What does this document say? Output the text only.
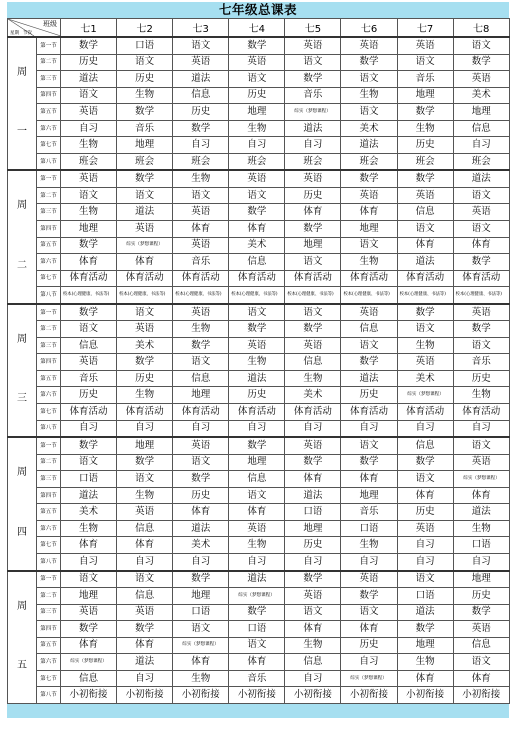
七年级总课表
班级
星期 节次		七1	七2	七3	七4	七5	七6	七7	七8

周
一	第一节	数学	口语	语文	数学	英语	英语	英语	语文
	第二节	历史	语文	英语	英语	语文	数学	语文	数学
	第三节	道法	历史	道法	语文	数学	语文	音乐	英语
	第四节	语文	生物	信息	历史	音乐	生物	地理	美术
	第五节	英语	数学	历史	地理	综实（梦想课程）	语文	数学	地理
	第六节	自习	音乐	数学	生物	道法	美术	生物	信息
	第七节	生物	地理	自习	自习	自习	道法	历史	自习
	第八节	班会	班会	班会	班会	班会	班会	班会	班会

周
二	第一节	英语	数学	生物	英语	英语	数学	数学	道法
	第二节	语文	语文	语文	语文	历史	英语	英语	语文
	第三节	生物	道法	英语	数学	体育	体育	信息	英语
	第四节	地理	英语	体育	体育	数学	地理	语文	语文
	第五节	数学	综实（梦想课程）	英语	美术	地理	语文	体育	体育
	第六节	体育	体育	音乐	信息	语文	生物	道法	数学
	第七节	体育活动	体育活动	体育活动	体育活动	体育活动	体育活动	体育活动	体育活动
	第八节	校本(心理健康、书法等)	校本(心理健康、书法等)	校本(心理健康、书法等)	校本(心理健康、书法等)	校本(心理健康、书法等)	校本(心理健康、书法等)	校本(心理健康、书法等)	校本(心理健康、书法等)

周
三	第一节	数学	语文	英语	语文	语文	英语	数学	英语
	第二节	语文	英语	生物	数学	数学	信息	语文	数学
	第三节	信息	美术	数学	英语	英语	语文	生物	语文
	第四节	英语	数学	语文	生物	信息	数学	英语	音乐
	第五节	音乐	历史	信息	道法	生物	道法	美术	历史
	第六节	历史	生物	地理	历史	美术	历史	综实（梦想课程）	生物
	第七节	体育活动	体育活动	体育活动	体育活动	体育活动	体育活动	体育活动	体育活动
	第八节	自习	自习	自习	自习	自习	自习	自习	自习

周
四	第一节	数学	地理	英语	数学	英语	语文	信息	语文
	第二节	语文	数学	语文	地理	数学	数学	数学	英语
	第三节	口语	语文	数学	信息	体育	体育	语文	综实（梦想课程）

	第四节	道法	生物	历史	语文	道法	地理	体育	体育
	第五节	美术	英语	体育	体育	口语	音乐	历史	道法
	第六节	生物	信息	道法	英语	地理	口语	英语	生物
	第七节	体育	体育	美术	生物	历史	生物	自习	口语
	第八节	自习	自习	自习	自习	自习	自习	自习	自习

周
五	第一节	语文	语文	数学	道法	数学	英语	语文	地理
	第二节	地理	信息	地理	综实（梦想课程）	英语	数学	口语	历史
	第三节	英语	英语	口语	数学	语文	语文	道法	数学
	第四节	数学	数学	语文	口语	体育	体育	数学	英语
	第五节	体育	体育	综实（梦想课程）	语文	生物	历史	地理	信息
	第六节	综实（梦想课程）	道法	体育	体育	信息	自习	生物	语文
	第七节	信息	自习	生物	音乐	自习	综实（梦想课程）	体育	体育
	第八节	小初衔接	小初衔接	小初衔接	小初衔接	小初衔接	小初衔接	小初衔接	小初衔接
